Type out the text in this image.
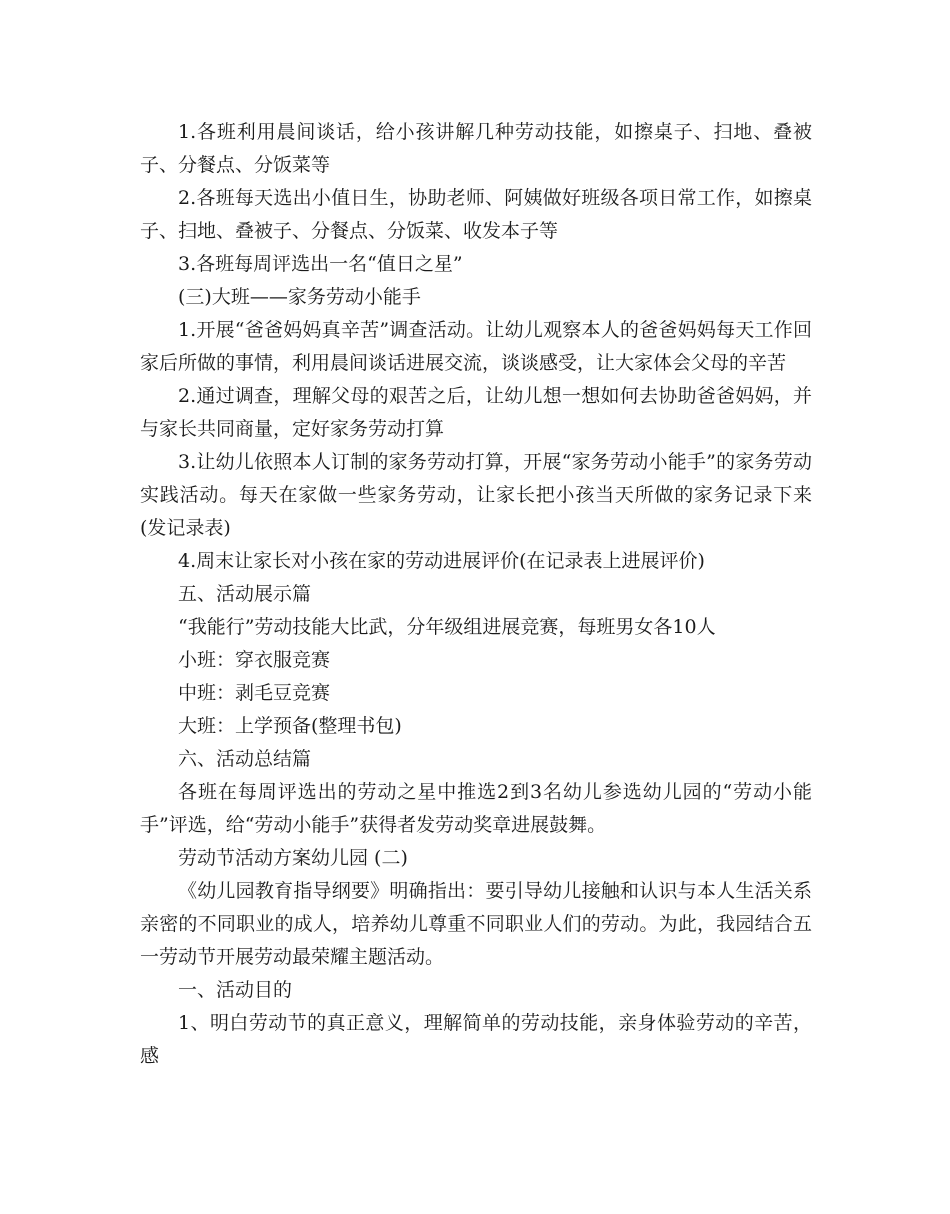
1.各班利用晨间谈话，给小孩讲解几种劳动技能，如擦桌子、扫地、叠被子、分餐点、分饭菜等

2.各班每天选出小值日生，协助老师、阿姨做好班级各项日常工作，如擦桌子、扫地、叠被子、分餐点、分饭菜、收发本子等

3.各班每周评选出一名“值日之星”

(三)大班——家务劳动小能手

1.开展“爸爸妈妈真辛苦”调查活动。让幼儿观察本人的爸爸妈妈每天工作回家后所做的事情，利用晨间谈话进展交流，谈谈感受，让大家体会父母的辛苦

2.通过调查，理解父母的艰苦之后，让幼儿想一想如何去协助爸爸妈妈，并与家长共同商量，定好家务劳动打算

3.让幼儿依照本人订制的家务劳动打算，开展“家务劳动小能手”的家务劳动实践活动。每天在家做一些家务劳动，让家长把小孩当天所做的家务记录下来(发记录表)

4.周末让家长对小孩在家的劳动进展评价(在记录表上进展评价)

五、活动展示篇

“我能行”劳动技能大比武，分年级组进展竞赛，每班男女各10人

小班：穿衣服竞赛

中班：剥毛豆竞赛

大班：上学预备(整理书包)

六、活动总结篇

各班在每周评选出的劳动之星中推选2到3名幼儿参选幼儿园的“劳动小能手”评选，给“劳动小能手”获得者发劳动奖章进展鼓舞。

劳动节活动方案幼儿园 (二)

《幼儿园教育指导纲要》明确指出：要引导幼儿接触和认识与本人生活关系亲密的不同职业的成人，培养幼儿尊重不同职业人们的劳动。为此，我园结合五一劳动节开展劳动最荣耀主题活动。

一、活动目的

1、明白劳动节的真正意义，理解简单的劳动技能，亲身体验劳动的辛苦，感
